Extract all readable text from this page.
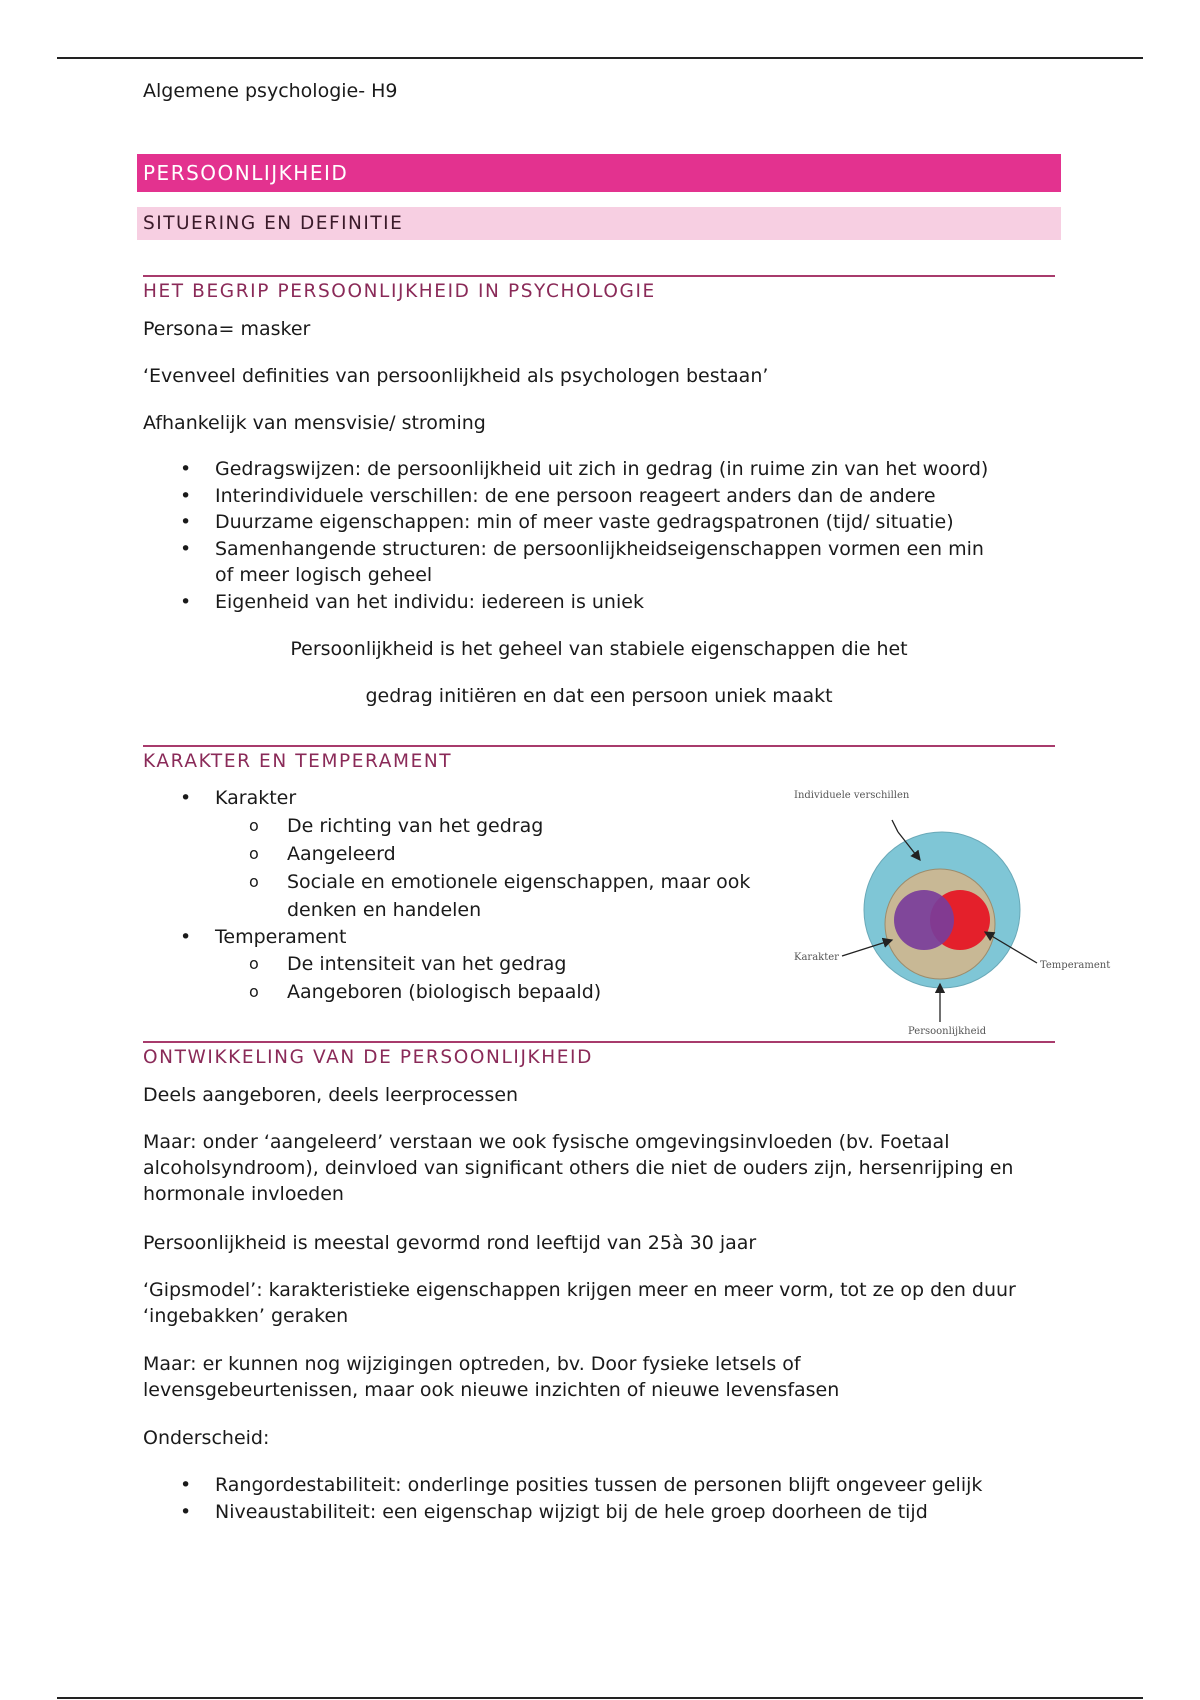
Algemene psychologie- H9
PERSOONLIJKHEID
SITUERING EN DEFINITIE
HET BEGRIP PERSOONLIJKHEID IN PSYCHOLOGIE

Persona= masker

‘Evenveel definities van persoonlijkheid als psychologen bestaan’

Afhankelijk van mensvisie/ stroming

• Gedragswijzen: de persoonlijkheid uit zich in gedrag (in ruime zin van het woord)
• Interindividuele verschillen: de ene persoon reageert anders dan de andere
• Duurzame eigenschappen: min of meer vaste gedragspatronen (tijd/ situatie)
• Samenhangende structuren: de persoonlijkheidseigenschappen vormen een min of meer logisch geheel
• Eigenheid van het individu: iedereen is uniek
Persoonlijkheid is het geheel van stabiele eigenschappen die het
gedrag initiëren en dat een persoon uniek maakt
KARAKTER EN TEMPERAMENT
• Karakter
o De richting van het gedrag
o Aangeleerd
o Sociale en emotionele eigenschappen, maar ook denken en handelen
• Temperament
o De intensiteit van het gedrag
o Aangeboren (biologisch bepaald)
Individuele verschillen
Karakter
Temperament
Persoonlijkheid
ONTWIKKELING VAN DE PERSOONLIJKHEID

Deels aangeboren, deels leerprocessen

Maar: onder ‘aangeleerd’ verstaan we ook fysische omgevingsinvloeden (bv. Foetaal alcoholsyndroom), deinvloed van significant others die niet de ouders zijn, hersenrijping en hormonale invloeden

Persoonlijkheid is meestal gevormd rond leeftijd van 25à 30 jaar

‘Gipsmodel’: karakteristieke eigenschappen krijgen meer en meer vorm, tot ze op den duur ‘ingebakken’ geraken

Maar: er kunnen nog wijzigingen optreden, bv. Door fysieke letsels of levensgebeurtenissen, maar ook nieuwe inzichten of nieuwe levensfasen

Onderscheid:

• Rangordestabiliteit: onderlinge posities tussen de personen blijft ongeveer gelijk
• Niveaustabiliteit: een eigenschap wijzigt bij de hele groep doorheen de tijd
